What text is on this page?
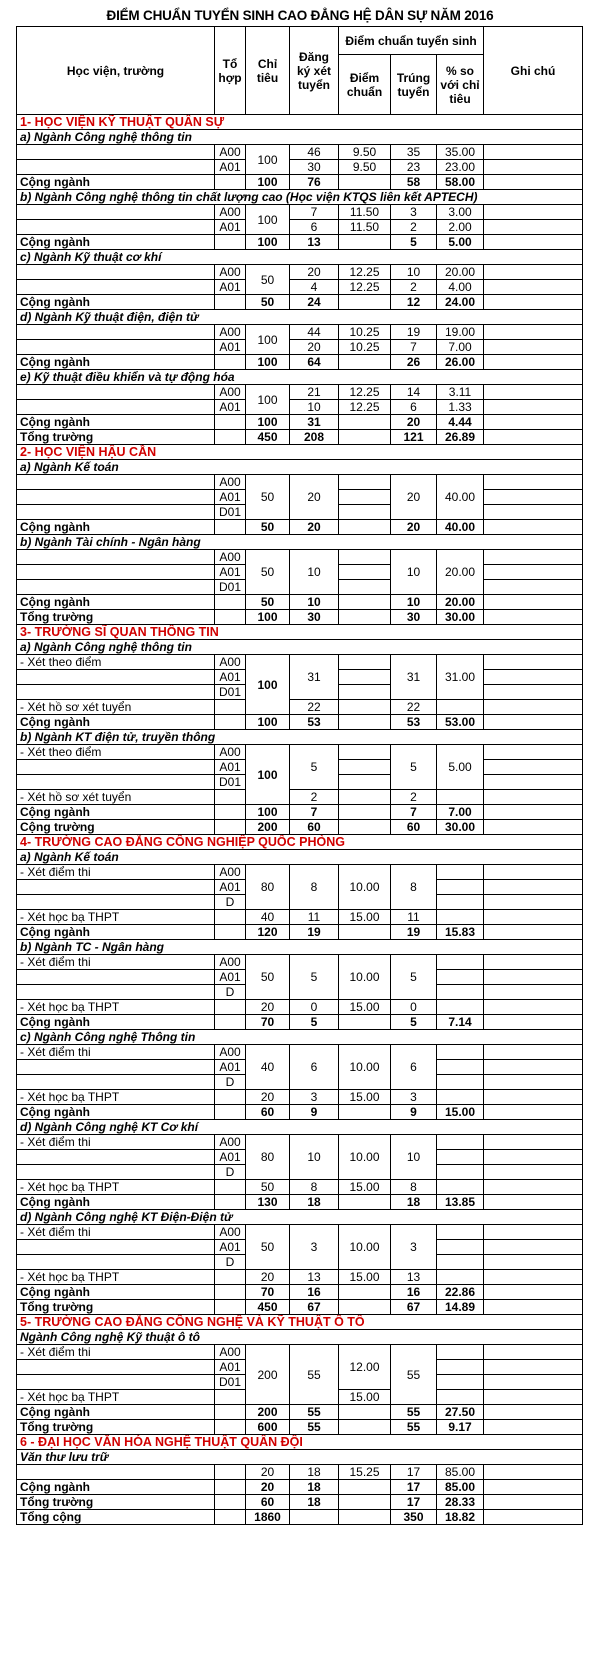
ĐIỂM CHUẨN TUYỂN SINH CAO ĐẲNG HỆ DÂN SỰ NĂM 2016
Học viện, trường	Tổ hợp	Chỉ tiêu	Đăng ký xét tuyển	Điểm chuẩn tuyển sinh			Ghi chú
				Điểm chuẩn	Trúng tuyển	% so với chỉ tiêu	
1- HỌC VIỆN KỸ THUẬT QUÂN SỰ							
a) Ngành Công nghệ thông tin							
	A00	100	46	9.50	35	35.00	
	A01		30	9.50	23	23.00	
Cộng ngành		100	76		58	58.00	
b) Ngành Công nghệ thông tin chất lượng cao (Học viện KTQS liên kết APTECH)							
	A00	100	7	11.50	3	3.00	
	A01		6	11.50	2	2.00	
Cộng ngành		100	13		5	5.00	
c) Ngành Kỹ thuật cơ khí							
	A00	50	20	12.25	10	20.00	
	A01		4	12.25	2	4.00	
Cộng ngành		50	24		12	24.00	
d) Ngành Kỹ thuật điện, điện tử							
	A00	100	44	10.25	19	19.00	
	A01		20	10.25	7	7.00	
Cộng ngành		100	64		26	26.00	
e) Kỹ thuật điều khiển và tự động hóa							
	A00	100	21	12.25	14	3.11	
	A01		10	12.25	6	1.33	
Cộng ngành		100	31		20	4.44	
Tổng trường		450	208		121	26.89	
2- HỌC VIỆN HẬU CẦN							
a) Ngành Kế toán							
	A00	50	20		20	40.00	
	A01						
	D01						
Cộng ngành		50	20		20	40.00	
b) Ngành Tài chính - Ngân hàng							
	A00	50	10		10	20.00	
	A01						
	D01						
Cộng ngành		50	10		10	20.00	
Tổng trường		100	30		30	30.00	
3- TRƯỜNG SĨ QUAN THÔNG TIN							
a) Ngành Công nghệ thông tin							
- Xét theo điểm	A00	100	31		31	31.00	
	A01						
	D01						
- Xét hồ sơ xét tuyển			22		22		
Cộng ngành		100	53		53	53.00	
b) Ngành KT điện tử, truyền thông							
- Xét theo điểm	A00	100	5		5	5.00	
	A01						
	D01						
- Xét hồ sơ xét tuyển			2		2		
Cộng ngành		100	7		7	7.00	
Cộng trường		200	60		60	30.00	
4- TRƯỜNG CAO ĐẲNG CÔNG NGHIỆP QUỐC PHÒNG							
a) Ngành Kế toán							
- Xét điểm thi	A00	80	8	10.00	8		
	A01						
	D						
- Xét học bạ THPT		40	11	15.00	11		
Cộng ngành		120	19		19	15.83	
b) Ngành TC - Ngân hàng							
- Xét điểm thi	A00	50	5	10.00	5		
	A01						
	D						
- Xét học bạ THPT		20	0	15.00	0		
Cộng ngành		70	5		5	7.14	
c) Ngành Công nghệ Thông tin							
- Xét điểm thi	A00	40	6	10.00	6		
	A01						
	D						
- Xét học bạ THPT		20	3	15.00	3		
Cộng ngành		60	9		9	15.00	
d) Ngành Công nghệ KT Cơ khí							
- Xét điểm thi	A00	80	10	10.00	10		
	A01						
	D						
- Xét học bạ THPT		50	8	15.00	8		
Cộng ngành		130	18		18	13.85	
d) Ngành Công nghệ KT Điện-Điện tử							
- Xét điểm thi	A00	50	3	10.00	3		
	A01						
	D						
- Xét học bạ THPT		20	13	15.00	13		
Cộng ngành		70	16		16	22.86	
Tổng trường		450	67		67	14.89	
5- TRƯỜNG CAO ĐẲNG CÔNG NGHỆ VÀ KỸ THUẬT Ô TÔ							
Ngành Công nghệ Kỹ thuật ô tô							
- Xét điểm thi	A00	200	55	12.00	55		
	A01						
	D01						
- Xét học bạ THPT				15.00			
Cộng ngành		200	55		55	27.50	
Tổng trường		600	55		55	9.17	
6 - ĐẠI HỌC VĂN HÓA NGHỆ THUẬT QUÂN ĐỘI							
Văn thư lưu trữ							
		20	18	15.25	17	85.00	
Cộng ngành		20	18		17	85.00	
Tổng trường		60	18		17	28.33	
Tổng cộng		1860			350	18.82	
